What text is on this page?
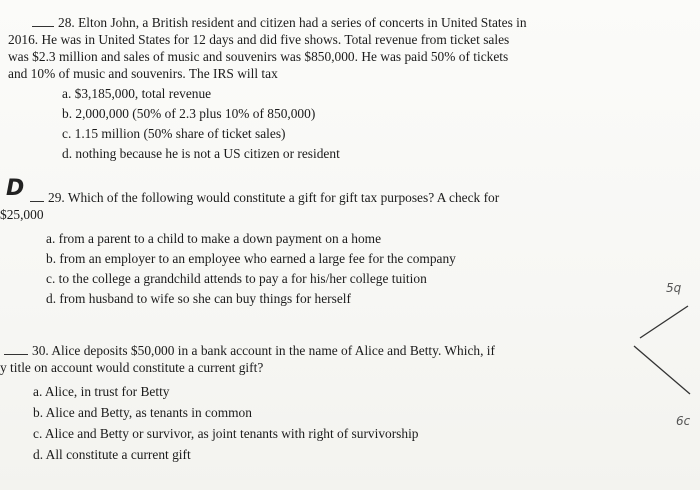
28. Elton John, a British resident and citizen had a series of concerts in United States in
2016. He was in United States for 12 days and did five shows. Total revenue from ticket sales
was $2.3 million and sales of music and souvenirs was $850,000. He was paid 50% of tickets
and 10% of music and souvenirs. The IRS will tax
a. $3,185,000, total revenue
b. 2,000,000 (50% of 2.3 plus 10% of 850,000)
c. 1.15 million (50% share of ticket sales)
d. nothing because he is not a US citizen or resident
D	29. Which of the following would constitute a gift for gift tax purposes? A check for
$25,000
a. from a parent to a child to make a down payment on a home
b. from an employer to an employee who earned a large fee for the company
c. to the college a grandchild attends to pay a for his/her college tuition
d. from husband to wife so she can buy things for herself
30. Alice deposits $50,000 in a bank account in the name of Alice and Betty. Which, if
y title on account would constitute a current gift?
a. Alice, in trust for Betty
b. Alice and Betty, as tenants in common
c. Alice and Betty or survivor, as joint tenants with right of survivorship
d. All constitute a current gift
5q
6c
